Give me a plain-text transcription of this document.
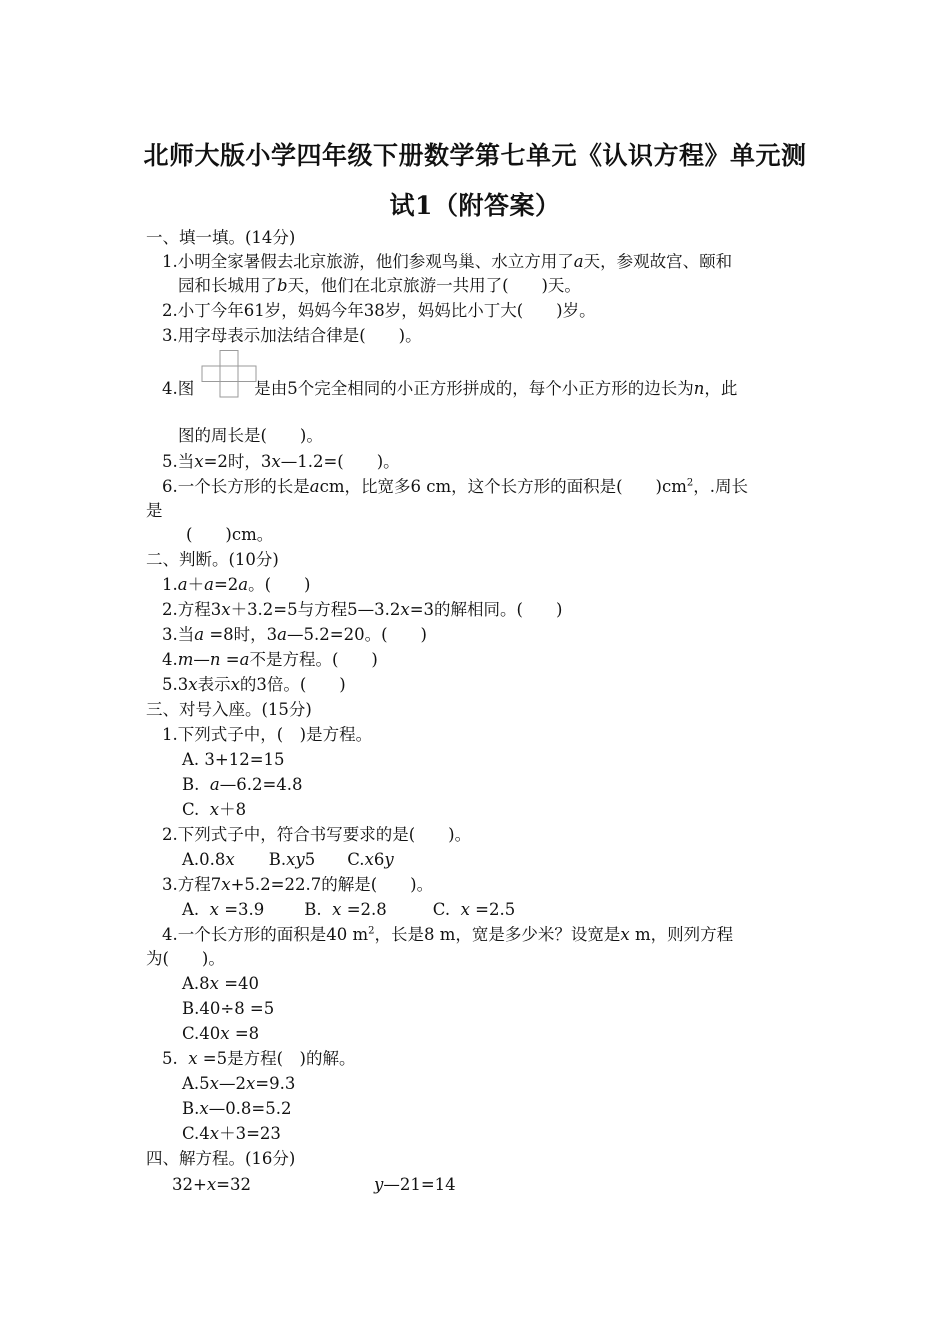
北师大版小学四年级下册数学第七单元《认识方程》单元测
试1（附答案）
一、填一填。(14分)
1.小明全家暑假去北京旅游，他们参观鸟巢、水立方用了a天，参观故宫、颐和
园和长城用了b天，他们在北京旅游一共用了(　　)天。
2.小丁今年61岁，妈妈今年38岁，妈妈比小丁大(　　)岁。
3.用字母表示加法结合律是(　　)。
4.图	是由5个完全相同的小正方形拼成的，每个小正方形的边长为n，此
图的周长是(　　)。
5.当x=2时，3x—1.2=(　　)。
6.一个长方形的长是acm，比宽多6 cm，这个长方形的面积是(　　)$cm^2$，.周长
是
(　　)cm。
二、判断。(10分)
1.a＋a=2a。(　　)
2.方程3x＋3.2=5与方程5—3.2x=3的解相同。(　　)
3.当a =8时，3a—5.2=20。(　　)
4.m—n =a不是方程。(　　)
5.3x表示x的3倍。(　　)
三、对号入座。(15分)
1.下列式子中，(　)是方程。
A. 3+12=15
B.  a—6.2=4.8
C.  x＋8
2.下列式子中，符合书写要求的是(　　)。
A.0.8x B.xy5 C.x6y
3.方程7x+5.2=22.7的解是(　　)。
A.  x =3.9 B.  x =2.8	C.  x =2.5
4.一个长方形的面积是40 $m^2$，长是8 m，宽是多少米？设宽是x m，则列方程
为(　　)。
A.8x =40
B.40÷8 =5
C.40x =8
5.  x =5是方程(　)的解。
A.5x—2x=9.3
B.x—0.8=5.2
C.4x＋3=23
四、解方程。(16分)
32+x=32	y—21=14
